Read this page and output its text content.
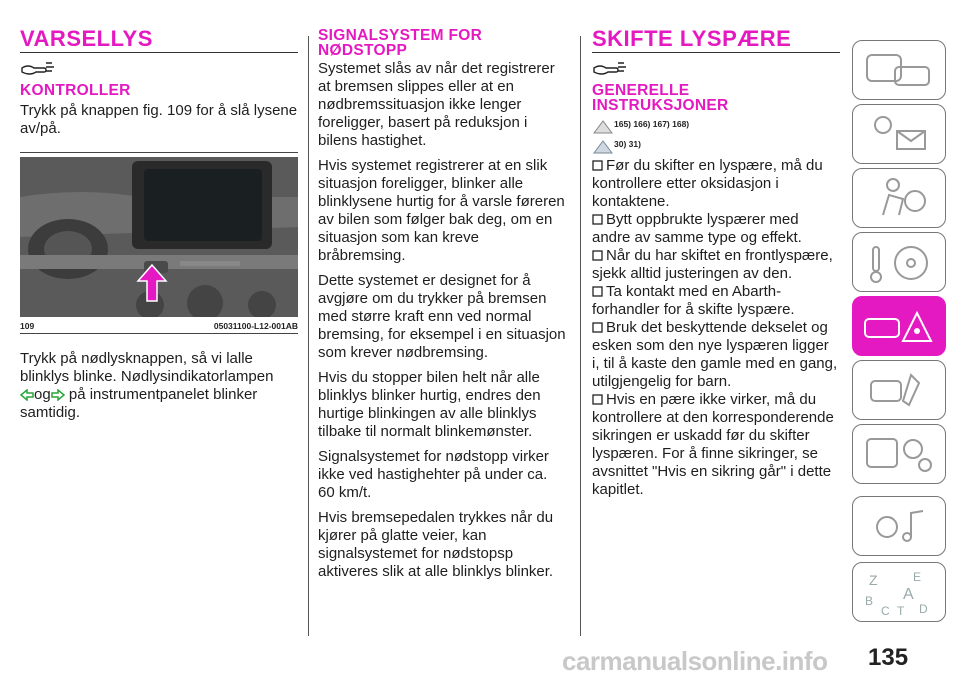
VARSELLYS
KONTROLLER

Trykk på knappen fig. 109 for å slå lysene av/på.

109	05031100-L12-001AB

Trykk på nødlysknappen, så vi lalle
blinklys blinke. Nødlysindikatorlampen
og på instrumentpanelet blinker
samtidig.

SIGNALSYSTEM FOR NØDSTOPP

Systemet slås av når det registrerer at bremsen slippes eller at en nødbremssituasjon ikke lenger foreligger, basert på reduksjon i bilens hastighet.

Hvis systemet registrerer at en slik situasjon foreligger, blinker alle blinklysene hurtig for å varsle føreren av bilen som følger bak deg, om en situasjon som kan kreve bråbremsing.

Dette systemet er designet for å avgjøre om du trykker på bremsen med større kraft enn ved normal bremsing, for eksempel i en situasjon som krever nødbremsing.

Hvis du stopper bilen helt når alle blinklys blinker hurtig, endres den hurtige blinkingen av alle blinklys tilbake til normalt blinkemønster.

Signalsystemet for nødstopp virker ikke ved hastighehter på under ca. 60 km/t.

Hvis bremsepedalen trykkes når du kjører på glatte veier, kan signalsystemet for nødstopsp aktiveres slik at alle blinklys blinker.

SKIFTE LYSPÆRE
GENERELLE INSTRUKSJONER
165) 166) 167) 168)
30) 31)

Før du skifter en lyspære, må du kontrollere etter oksidasjon i kontaktene.

Bytt oppbrukte lyspærer med andre av samme type og effekt.

Når du har skiftet en frontlyspære, sjekk alltid justeringen av den.

Ta kontakt med en Abarth-forhandler for å skifte lyspære.

Bruk det beskyttende dekselet og esken som den nye lyspæren ligger i, til å kaste den gamle med en gang, utilgjengelig for barn.

Hvis en pære ikke virker, må du kontrollere at den korresponderende sikringen er uskadd før du skifter lyspæren. For å finne sikringer, se avsnittet "Hvis en sikring går" i dette kapitlet.

Z	E
A
B
C T D
135
carmanualsonline.info
